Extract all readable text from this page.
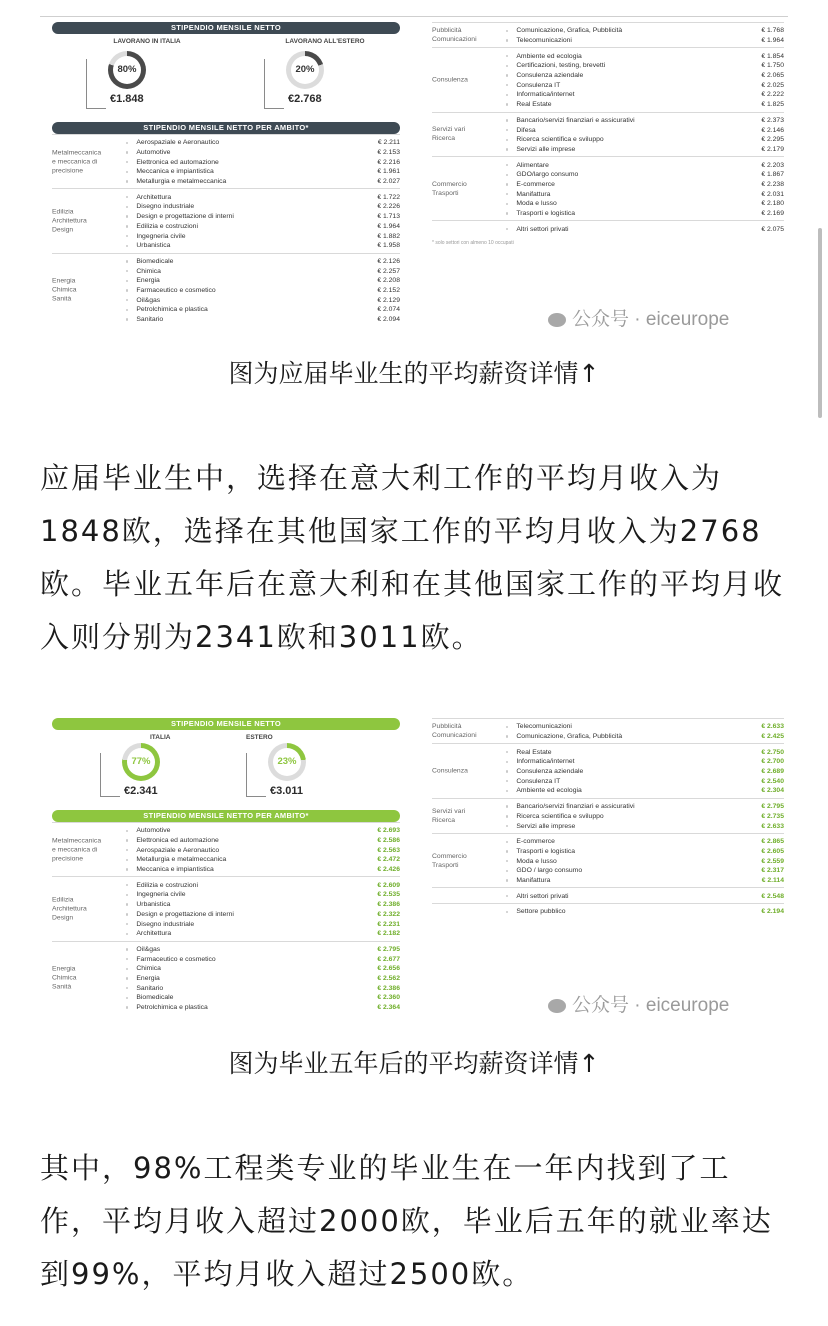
STIPENDIO MENSILE NETTO
LAVORANO IN ITALIA
80%
€1.848
LAVORANO ALL'ESTERO
20%
€2.768
STIPENDIO MENSILE NETTO PER AMBITO*
Metalmeccanica
e meccanica di
precisione
Aerospaziale e Aeronautico	€ 2.211
Automotive	€ 2.153
Elettronica ed automazione	€ 2.216
Meccanica e impiantistica	€ 1.961
Metallurgia e metalmeccanica	€ 2.027
Edilizia
Architettura
Design
Architettura	€ 1.722
Disegno industriale	€ 2.226
Design e progettazione di interni	€ 1.713
Edilizia e costruzioni	€ 1.964
Ingegneria civile	€ 1.882
Urbanistica	€ 1.958
Energia
Chimica
Sanità
Biomedicale	€ 2.126
Chimica	€ 2.257
Energia	€ 2.208
Farmaceutico e cosmetico	€ 2.152
Oil&gas	€ 2.129
Petrolchimica e plastica	€ 2.074
Sanitario	€ 2.094
Pubblicità
Comunicazioni
Comunicazione, Grafica, Pubblicità	€ 1.768
Telecomunicazioni	€ 1.964
Consulenza
Ambiente ed ecologia	€ 1.854
Certificazioni, testing, brevetti	€ 1.750
Consulenza aziendale	€ 2.065
Consulenza IT	€ 2.025
Informatica/internet	€ 2.222
Real Estate	€ 1.825
Servizi vari
Ricerca
Bancario/servizi finanziari e assicurativi	€ 2.373
Difesa	€ 2.146
Ricerca scientifica e sviluppo	€ 2.295
Servizi alle imprese	€ 2.179
Commercio
Trasporti
Alimentare	€ 2.203
GDO/largo consumo	€ 1.867
E-commerce	€ 2.238
Manifattura	€ 2.031
Moda e lusso	€ 2.180
Trasporti e logistica	€ 2.169
Altri settori privati	€ 2.075
* solo settori con almeno 10 occupati
公众号 · eiceurope
图为应届毕业生的平均薪资详情↑
应届毕业生中，选择在意大利工作的平均月收入为1848欧，选择在其他国家工作的平均月收入为2768欧。毕业五年后在意大利和在其他国家工作的平均月收入则分别为2341欧和3011欧。
STIPENDIO MENSILE NETTO
ITALIA
77%
€2.341
ESTERO
23%
€3.011
STIPENDIO MENSILE NETTO PER AMBITO*
Metalmeccanica
e meccanica di
precisione
Automotive	€ 2.693
Elettronica ed automazione	€ 2.586
Aerospaziale e Aeronautico	€ 2.563
Metallurgia e metalmeccanica	€ 2.472
Meccanica e impiantistica	€ 2.426
Edilizia
Architettura
Design
Edilizia e costruzioni	€ 2.609
Ingegneria civile	€ 2.535
Urbanistica	€ 2.386
Design e progettazione di interni	€ 2.322
Disegno industriale	€ 2.231
Architettura	€ 2.182
Energia
Chimica
Sanità
Oil&gas	€ 2.795
Farmaceutico e cosmetico	€ 2.677
Chimica	€ 2.656
Energia	€ 2.562
Sanitario	€ 2.386
Biomedicale	€ 2.360
Petrolchimica e plastica	€ 2.364
Pubblicità
Comunicazioni
Telecomunicazioni	€ 2.633
Comunicazione, Grafica, Pubblicità	€ 2.425
Consulenza
Real Estate	€ 2.750
Informatica/internet	€ 2.700
Consulenza aziendale	€ 2.689
Consulenza IT	€ 2.540
Ambiente ed ecologia	€ 2.304
Servizi vari
Ricerca
Bancario/servizi finanziari e assicurativi	€ 2.795
Ricerca scientifica e sviluppo	€ 2.735
Servizi alle imprese	€ 2.633
Commercio
Trasporti
E-commerce	€ 2.865
Trasporti e logistica	€ 2.605
Moda e lusso	€ 2.559
GDO / largo consumo	€ 2.317
Manifattura	€ 2.114
Altri settori privati	€ 2.548
Settore pubblico	€ 2.194
公众号 · eiceurope
图为毕业五年后的平均薪资详情↑
其中，98%工程类专业的毕业生在一年内找到了工作，平均月收入超过2000欧，毕业后五年的就业率达到99%，平均月收入超过2500欧。
